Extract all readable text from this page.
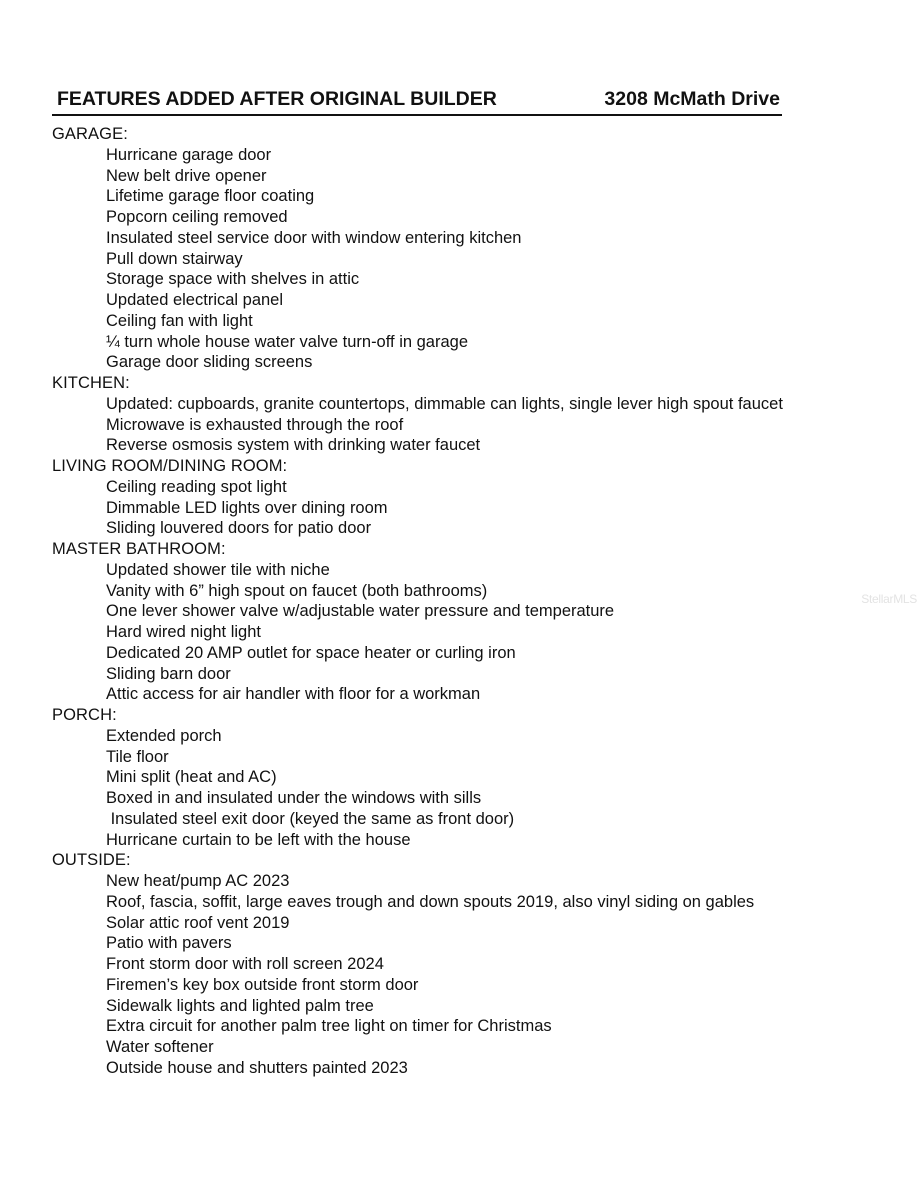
FEATURES ADDED AFTER ORIGINAL BUILDER	3208 McMath Drive
GARAGE:
Hurricane garage door
New belt drive opener
Lifetime garage floor coating
Popcorn ceiling removed
Insulated steel service door with window entering kitchen
Pull down stairway
Storage space with shelves in attic
Updated electrical panel
Ceiling fan with light
¼ turn whole house water valve turn-off in garage
Garage door sliding screens
KITCHEN:
Updated: cupboards, granite countertops, dimmable can lights, single lever high spout faucet
Microwave is exhausted through the roof
Reverse osmosis system with drinking water faucet
LIVING ROOM/DINING ROOM:
Ceiling reading spot light
Dimmable LED lights over dining room
Sliding louvered doors for patio door
MASTER BATHROOM:
Updated shower tile with niche
Vanity with 6” high spout on faucet (both bathrooms)
One lever shower valve w/adjustable water pressure and temperature
Hard wired night light
Dedicated 20 AMP outlet for space heater or curling iron
Sliding barn door
Attic access for air handler with floor for a workman
PORCH:
Extended porch
Tile floor
Mini split (heat and AC)
Boxed in and insulated under the windows with sills
Insulated steel exit door (keyed the same as front door)
Hurricane curtain to be left with the house
OUTSIDE:
New heat/pump AC 2023
Roof, fascia, soffit, large eaves trough and down spouts 2019, also vinyl siding on gables
Solar attic roof vent 2019
Patio with pavers
Front storm door with roll screen 2024
Firemen’s key box outside front storm door
Sidewalk lights and lighted palm tree
Extra circuit for another palm tree light on timer for Christmas
Water softener
Outside house and shutters painted 2023
StellarMLS
